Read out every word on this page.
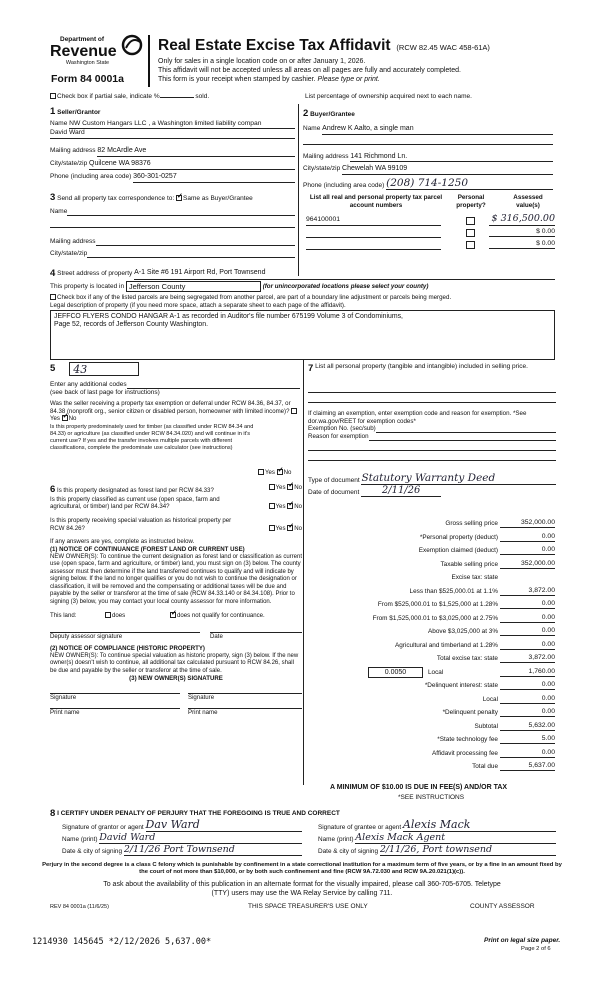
Department of
Revenue
Washington State
Form 84 0001a
Real Estate Excise Tax Affidavit (RCW 82.45 WAC 458-61A)
Only for sales in a single location code on or after January 1, 2026.
This affidavit will not be accepted unless all areas on all pages are fully and accurately completed.
This form is your receipt when stamped by cashier. Please type or print.
Check box if partial sale, indicate %	sold.	List percentage of ownership acquired next to each name.
1 Seller/Grantor
Name
NW Custom Hangars LLC , a Washington limited liability compan
David Ward
Mailing address
82 McArdle Ave
City/state/zip
Quilcene WA 98376
Phone (including area code)
360-301-0257
2 Buyer/Grantee
Name
Andrew K Aalto, a single man
Mailing address
141 Richmond Ln.
City/state/zip
Chewelah WA 99109
Phone (including area code)
(208) 714-1250
3 Send all property tax correspondence to: ✓ Same as Buyer/Grantee
Name
Mailing address
City/state/zip
List all real and personal property tax parcel account numbers
Personal property?
Assessed value(s)
964100001	$ 316,500.00
$ 0.00
$ 0.00
4
Street address of property
A-1 Site #6 191 Airport Rd, Port Townsend
This property is located in
Jefferson County
	(for unincorporated locations please select your county)
Check box if any of the listed parcels are being segregated from another parcel, are part of a boundary line adjustment or parcels being merged.
Legal description of property (if you need more space, attach a separate sheet to each page of the affidavit).
JEFFCO FLYERS CONDO HANGAR A-1 as recorded in Auditor's file number 675199 Volume 3 of Condominiums,
Page 52, records of Jefferson County Washington.
5	43
Enter any additional codes
(see back of last page for instructions)
Was the seller receiving a property tax exemption or deferral under RCW 84.36, 84.37, or 84.38 (nonprofit org., senior citizen or disabled person, homeowner with limited income)? Yes ✓ No
Is this property predominately used for timber (as classified under RCW 84.34 and 84.33) or agriculture (as classified under RCW 84.34.020) and will continue in it's current use? If yes and the transfer involves multiple parcels with different classifications, complete the predominate use calculator (see instructions)
Yes ✓ No
6 Is this property designated as forest land per RCW 84.33?	Yes ✓ No
Is this property classified as current use (open space, farm and agricultural, or timber) land per RCW 84.34?	Yes ✓ No
Is this property receiving special valuation as historical property per RCW 84.26?	Yes ✓ No
If any answers are yes, complete as instructed below.
(1) NOTICE OF CONTINUANCE (FOREST LAND OR CURRENT USE)
NEW OWNER(S): To continue the current designation as forest land or classification as current use (open space, farm and agriculture, or timber) land, you must sign on (3) below. The county assessor must then determine if the land transferred continues to qualify and will indicate by signing below. If the land no longer qualifies or you do not wish to continue the designation or classification, it will be removed and the compensating or additional taxes will be due and payable by the seller or transferor at the time of sale (RCW 84.33.140 or 84.34.108). Prior to signing (3) below, you may contact your local county assessor for more information.
This land:	does ✓	does not qualify for continuance.
Deputy assessor signature	Date
(2) NOTICE OF COMPLIANCE (HISTORIC PROPERTY)
NEW OWNER(S): To continue special valuation as historic property, sign (3) below. If the new owner(s) doesn't wish to continue, all additional tax calculated pursuant to RCW 84.26, shall be due and payable by the seller or transferor at the time of sale.
(3) NEW OWNER(S) SIGNATURE
Signature	Signature
Print name	Print name
7
List all personal property (tangible and intangible) included in selling price.
If claiming an exemption, enter exemption code and reason for exemption. *See dor.wa.gov/REET for exemption codes*
Exemption No. (sec/sub)
Reason for exemption
Type of document
Statutory Warranty Deed
Date of document
	2/11/26
Gross selling price	352,000.00
*Personal property (deduct)	0.00
Exemption claimed (deduct)	0.00
Taxable selling price	352,000.00
Excise tax: state
Less than $525,000.01 at 1.1%	3,872.00
From $525,000.01 to $1,525,000 at 1.28%	0.00
From $1,525,000.01 to $3,025,000 at 2.75%	0.00
Above $3,025,000 at 3%	0.00
Agricultural and timberland at 1.28%	0.00
Total excise tax: state	3,872.00
0.0050	Local	1,760.00
*Delinquent interest: state	0.00
Local	0.00
*Delinquent penalty	0.00
Subtotal	5,632.00
*State technology fee	5.00
Affidavit processing fee	0.00
Total due	5,637.00
A MINIMUM OF $10.00 IS DUE IN FEE(S) AND/OR TAX
*SEE INSTRUCTIONS
8
I CERTIFY UNDER PENALTY OF PERJURY THAT THE FOREGOING IS TRUE AND CORRECT
Signature of grantor or agent
Dav Ward
Name (print)
David Ward
Date & city of signing
2/11/26 Port Townsend
Signature of grantee or agent
Alexis Mack
Name (print)
Alexis Mack Agent
Date & city of signing
2/11/26, Port townsend
Perjury in the second degree is a class C felony which is punishable by confinement in a state correctional institution for a maximum term of five years, or by a fine in an amount fixed by the court of not more than $10,000, or by both such confinement and fine (RCW 9A.72.030 and RCW 9A.20.021(1)(c)).
To ask about the availability of this publication in an alternate format for the visually impaired, please call 360-705-6705. Teletype
(TTY) users may use the WA Relay Service by calling 711.
REV 84 0001a (11/6/25)	THIS SPACE TREASURER'S USE ONLY	COUNTY ASSESSOR
1214930 145645 *2/12/2026 5,637.00*	Print on legal size paper.
Page 2 of 6
